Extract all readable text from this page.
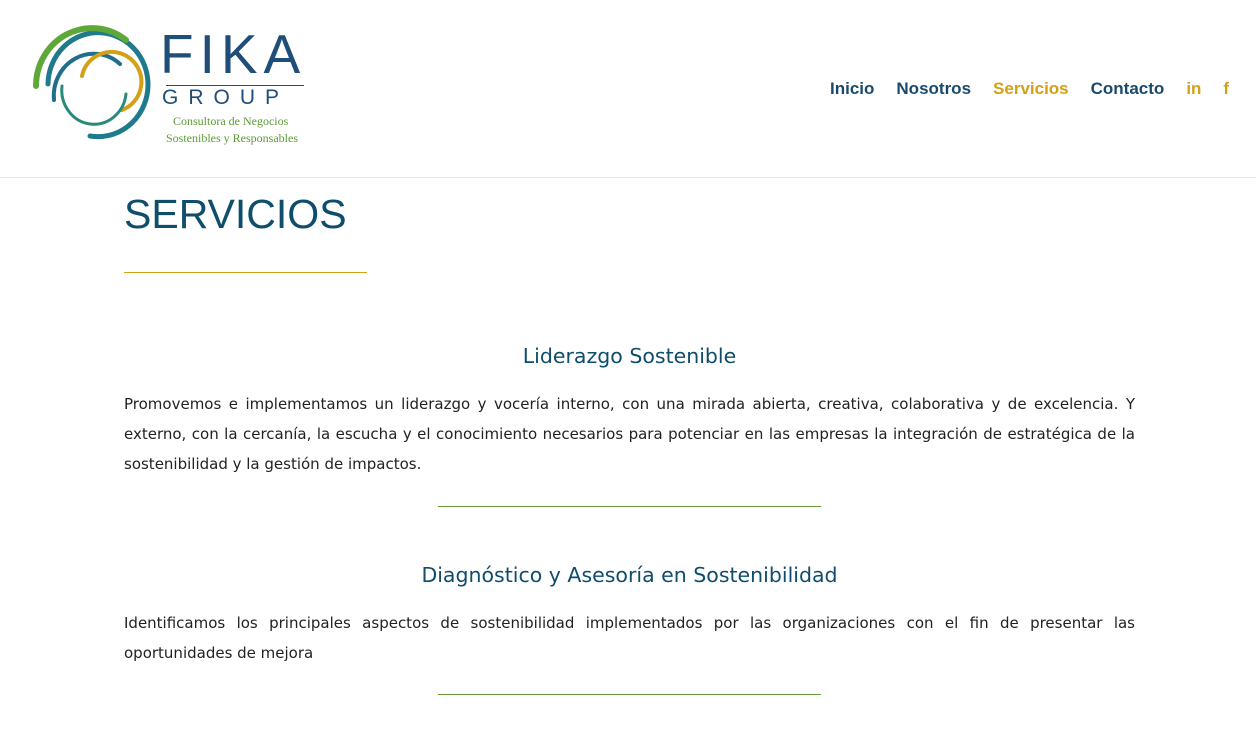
FIKA
GROUP
Consultora de Negocios
Sostenibles y Responsables
Inicio Nosotros Servicios Contacto in f
SERVICIOS
Liderazgo Sostenible

Promovemos e implementamos un liderazgo y vocería interno, con una mirada abierta, creativa, colaborativa y de excelencia. Y externo, con la cercanía, la escucha y el conocimiento necesarios para potenciar en las empresas la integración de estratégica de la sostenibilidad y la gestión de impactos.

Diagnóstico y Asesoría en Sostenibilidad

Identificamos los principales aspectos de sostenibilidad implementados por las organizaciones con el fin de presentar las oportunidades de mejora
